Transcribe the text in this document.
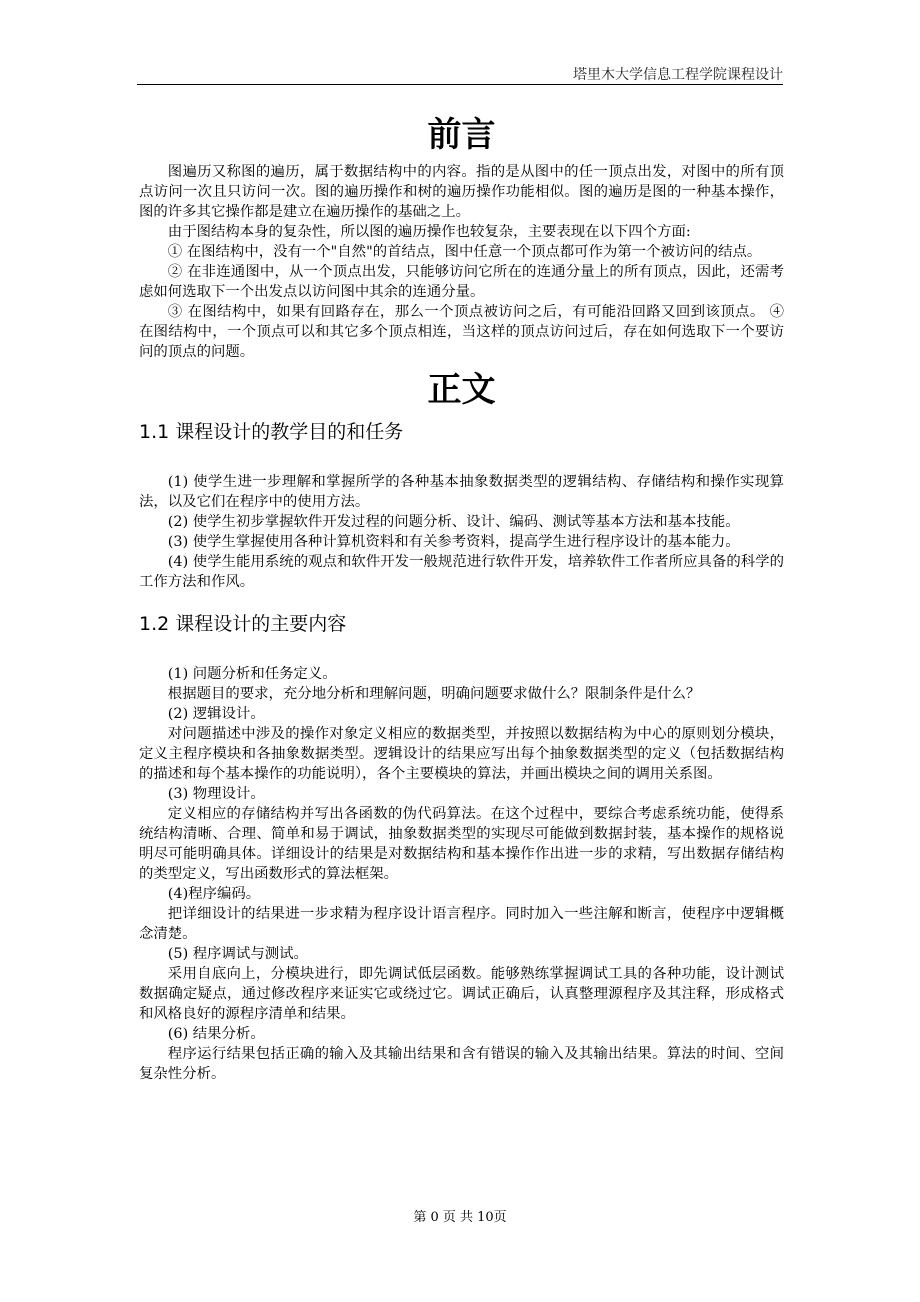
塔里木大学信息工程学院课程设计
前言

图遍历又称图的遍历，属于数据结构中的内容。指的是从图中的任一顶点出发，对图中的所有顶点访问一次且只访问一次。图的遍历操作和树的遍历操作功能相似。图的遍历是图的一种基本操作，图的许多其它操作都是建立在遍历操作的基础之上。

由于图结构本身的复杂性，所以图的遍历操作也较复杂，主要表现在以下四个方面:

① 在图结构中，没有一个"自然"的首结点，图中任意一个顶点都可作为第一个被访问的结点。

② 在非连通图中，从一个顶点出发，只能够访问它所在的连通分量上的所有顶点，因此，还需考虑如何选取下一个出发点以访问图中其余的连通分量。

③ 在图结构中，如果有回路存在，那么一个顶点被访问之后，有可能沿回路又回到该顶点。 ④ 在图结构中，一个顶点可以和其它多个顶点相连，当这样的顶点访问过后，存在如何选取下一个要访问的顶点的问题。

正文
1.1 课程设计的教学目的和任务

(1) 使学生进一步理解和掌握所学的各种基本抽象数据类型的逻辑结构、存储结构和操作实现算法，以及它们在程序中的使用方法。

(2) 使学生初步掌握软件开发过程的问题分析、设计、编码、测试等基本方法和基本技能。

(3) 使学生掌握使用各种计算机资料和有关参考资料，提高学生进行程序设计的基本能力。

(4) 使学生能用系统的观点和软件开发一般规范进行软件开发，培养软件工作者所应具备的科学的工作方法和作风。

1.2 课程设计的主要内容

(1) 问题分析和任务定义。

根据题目的要求，充分地分析和理解问题，明确问题要求做什么？限制条件是什么？

(2) 逻辑设计。

对问题描述中涉及的操作对象定义相应的数据类型，并按照以数据结构为中心的原则划分模块，定义主程序模块和各抽象数据类型。逻辑设计的结果应写出每个抽象数据类型的定义（包括数据结构的描述和每个基本操作的功能说明），各个主要模块的算法，并画出模块之间的调用关系图。

(3) 物理设计。

定义相应的存储结构并写出各函数的伪代码算法。在这个过程中，要综合考虑系统功能，使得系统结构清晰、合理、简单和易于调试，抽象数据类型的实现尽可能做到数据封装，基本操作的规格说明尽可能明确具体。详细设计的结果是对数据结构和基本操作作出进一步的求精，写出数据存储结构的类型定义，写出函数形式的算法框架。

(4)程序编码。

把详细设计的结果进一步求精为程序设计语言程序。同时加入一些注解和断言，使程序中逻辑概念清楚。

(5) 程序调试与测试。

采用自底向上，分模块进行，即先调试低层函数。能够熟练掌握调试工具的各种功能，设计测试数据确定疑点，通过修改程序来证实它或绕过它。调试正确后，认真整理源程序及其注释，形成格式和风格良好的源程序清单和结果。

(6) 结果分析。

程序运行结果包括正确的输入及其输出结果和含有错误的输入及其输出结果。算法的时间、空间复杂性分析。

第 0 页 共 10页
